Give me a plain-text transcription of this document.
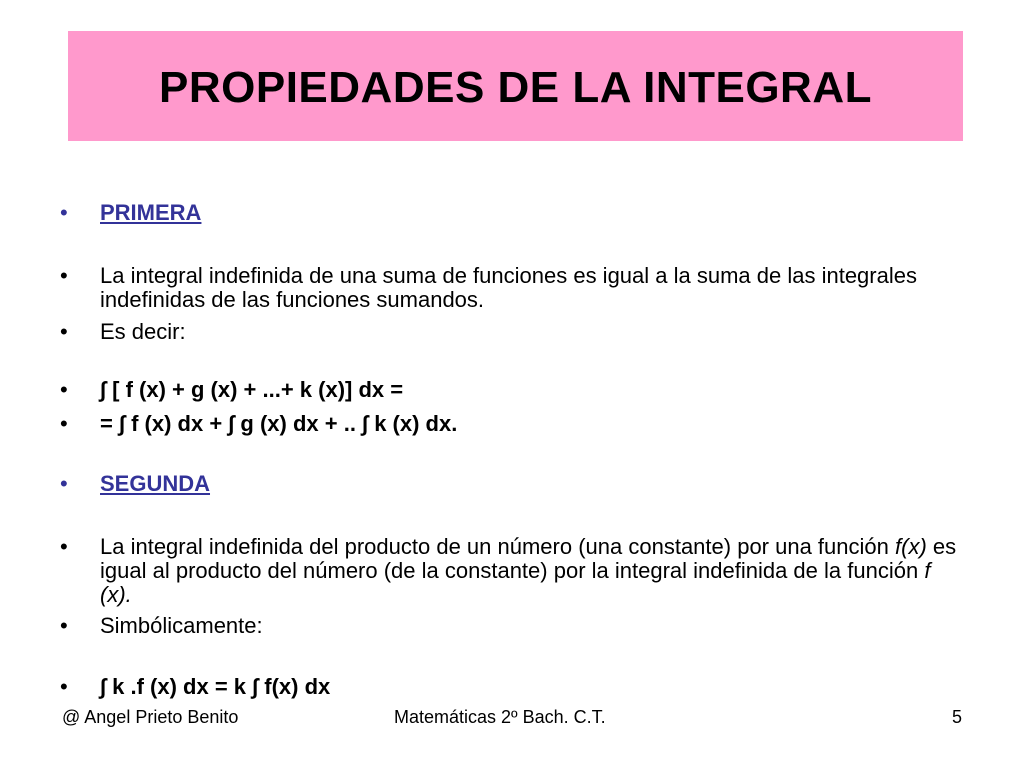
PROPIEDADES DE LA INTEGRAL
•	PRIMERA
•	La integral indefinida de una suma de funciones es igual a la suma de las integrales indefinidas de las funciones sumandos.
•	Es decir:
•	∫ [ f (x) + g (x) + ...+ k (x)] dx =
•	= ∫ f (x) dx + ∫ g (x) dx + .. ∫ k (x) dx.
•	SEGUNDA
•	La integral indefinida del producto de un número (una constante) por una función f(x) es igual al producto del número (de la constante) por la integral indefinida de la función f (x).
•	Simbólicamente:
•	∫ k .f (x) dx = k ∫ f(x) dx
@ Angel Prieto Benito	Matemáticas 2º Bach. C.T.	5
